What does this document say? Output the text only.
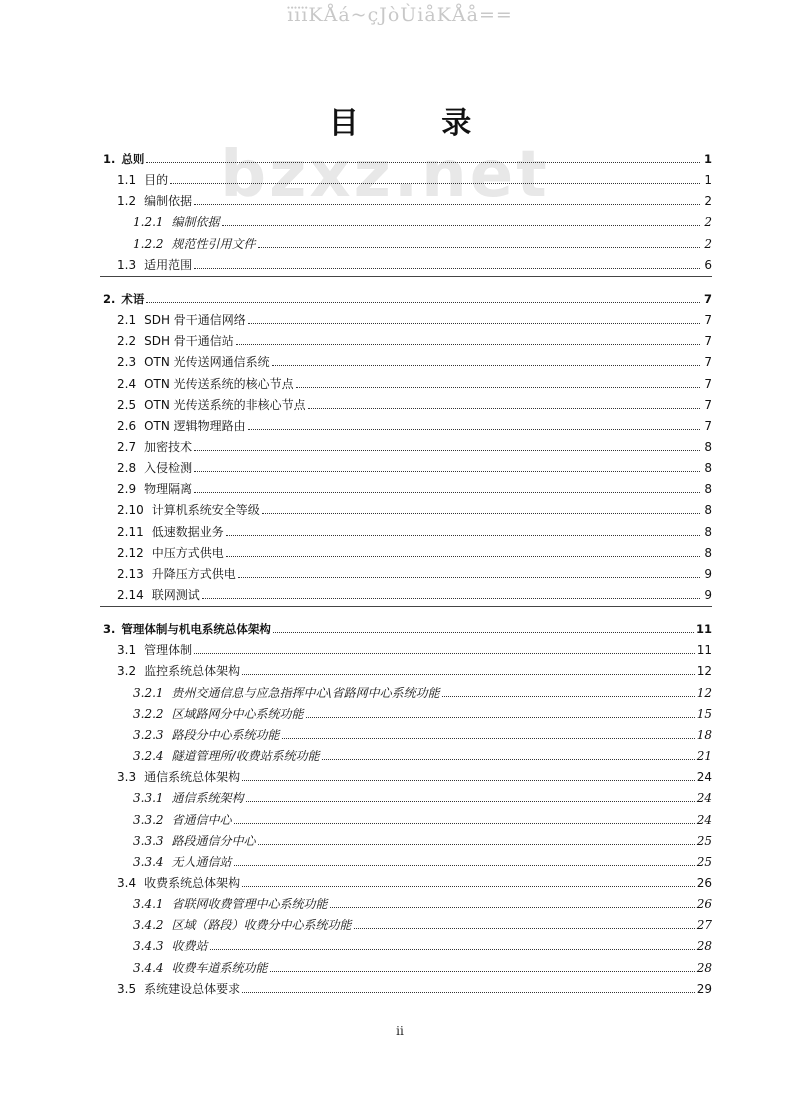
ïïïKÅá~çJòÙiåKÅå==
bzxz.net
目 录
1. 总则	1
1.1 目的	1
1.2 编制依据	2
1.2.1 编制依据	2
1.2.2 规范性引用文件	2
1.3 适用范围	6
2. 术语	7
2.1 SDH 骨干通信网络	7
2.2 SDH 骨干通信站	7
2.3 OTN 光传送网通信系统	7
2.4 OTN 光传送系统的核心节点	7
2.5 OTN 光传送系统的非核心节点	7
2.6 OTN 逻辑物理路由	7
2.7 加密技术	8
2.8 入侵检测	8
2.9 物理隔离	8
2.10 计算机系统安全等级	8
2.11 低速数据业务	8
2.12 中压方式供电	8
2.13 升降压方式供电	9
2.14 联网测试	9
3. 管理体制与机电系统总体架构	11
3.1 管理体制	11
3.2 监控系统总体架构	12
3.2.1 贵州交通信息与应急指挥中心\省路网中心系统功能	12
3.2.2 区域路网分中心系统功能	15
3.2.3 路段分中心系统功能	18
3.2.4 隧道管理所/收费站系统功能	21
3.3 通信系统总体架构	24
3.3.1 通信系统架构	24
3.3.2 省通信中心	24
3.3.3 路段通信分中心	25
3.3.4 无人通信站	25
3.4 收费系统总体架构	26
3.4.1 省联网收费管理中心系统功能	26
3.4.2 区域（路段）收费分中心系统功能	27
3.4.3 收费站	28
3.4.4 收费车道系统功能	28
3.5 系统建设总体要求	29
ii
